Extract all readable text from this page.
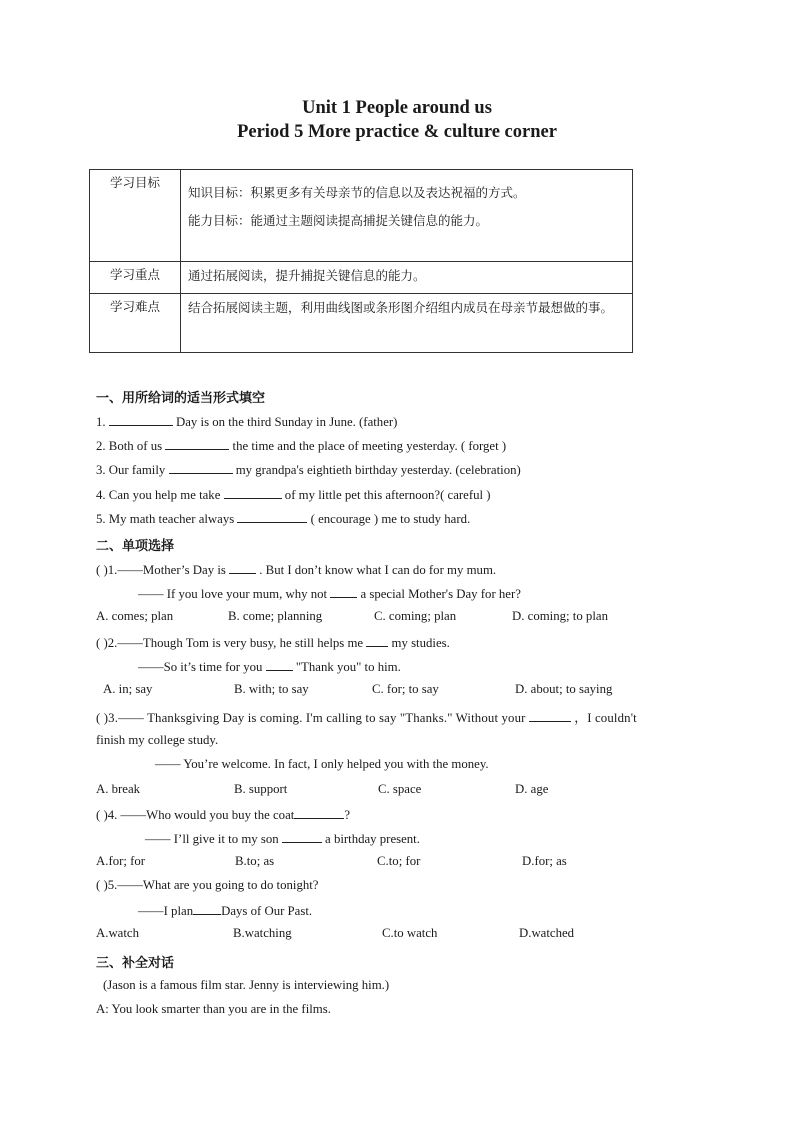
Unit 1 People around us
Period 5 More practice & culture corner
学习目标	知识目标：积累更多有关母亲节的信息以及表达祝福的方式。
能力目标：能通过主题阅读提高捕捉关键信息的能力。

学习重点	通过拓展阅读，提升捕捉关键信息的能力。
学习难点	结合拓展阅读主题，利用曲线图或条形图介绍组内成员在母亲节最想做的事。
一、用所给词的适当形式填空
1.	Day is on the third Sunday in June. (father)
2. Both of us	the time and the place of meeting yesterday. ( forget )
3. Our family	my grandpa's eightieth birthday yesterday. (celebration)
4. Can you help me take	of my little pet this afternoon?( careful )
5. My math teacher always	( encourage ) me to study hard.
二、单项选择
( )1.——Mother’s Day is  . But I don’t know what I can do for my mum.
—— If you love your mum, why not  a special Mother's Day for her?
A. comes; plan	B. come; planning	C. coming; plan	D. coming; to plan
( )2.——Though Tom is very busy, he still helps me  my studies.
——So it’s time for you  "Thank you" to him.
A. in; say	B. with; to say	C. for; to say	D. about; to saying
( )3.—— Thanksgiving Day is coming. I'm calling to say "Thanks." Without your	，I couldn't
finish my college study.
—— You’re welcome. In fact, I only helped you with the money.
A. break	B. support	C. space	D. age
( )4. ——Who would you buy the coat	?
—— I’ll give it to my son	a birthday present.
A.for; for	B.to; as	C.to; for	D.for; as
( )5.——What are you going to do tonight?
——I plan Days of Our Past.
A.watch	B.watching	C.to watch	D.watched
三、补全对话
(Jason is a famous film star. Jenny is interviewing him.)
A: You look smarter than you are in the films.
